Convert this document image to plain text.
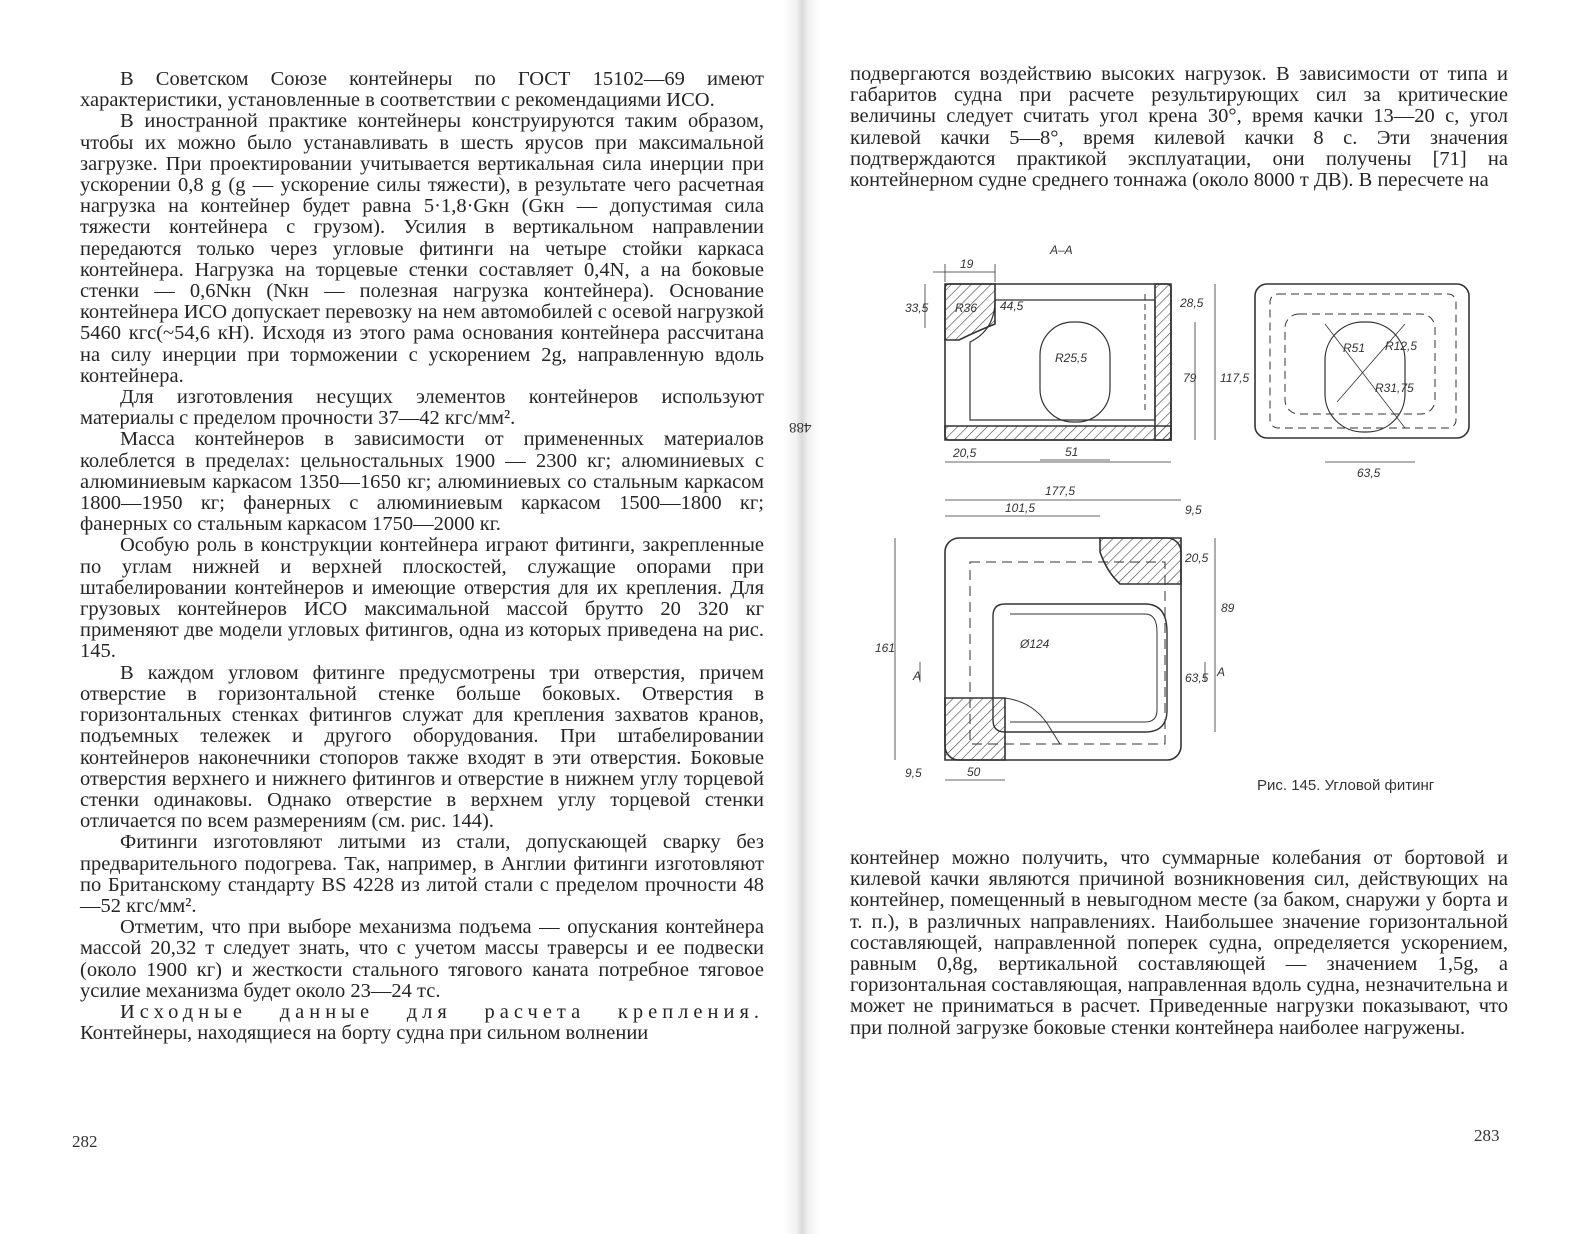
488

В Советском Союзе контейнеры по ГОСТ 15102—69 имеют характеристики, установленные в соответствии с рекомендациями ИСО.

В иностранной практике контейнеры конструируются таким образом, чтобы их можно было устанавливать в шесть ярусов при максимальной загрузке. При проектировании учитывается вертикальная сила инерции при ускорении 0,8 g (g — ускорение силы тяжести), в результате чего расчетная нагрузка на контейнер будет равна 5·1,8·Gкн (Gкн — допустимая сила тяжести контейнера с грузом). Усилия в вертикальном направлении передаются только через угловые фитинги на четыре стойки каркаса контейнера. Нагрузка на торцевые стенки составляет 0,4N, а на боковые стенки — 0,6Nкн (Nкн — полезная нагрузка контейнера). Основание контейнера ИСО допускает перевозку на нем автомобилей с осевой нагрузкой 5460 кгс(~54,6 кН). Исходя из этого рама основания контейнера рассчитана на силу инерции при торможении с ускорением 2g, направленную вдоль контейнера.

Для изготовления несущих элементов контейнеров используют материалы с пределом прочности 37—42 кгс/мм².

Масса контейнеров в зависимости от примененных материалов колеблется в пределах: цельностальных 1900 — 2300 кг; алюминиевых с алюминиевым каркасом 1350—1650 кг; алюминиевых со стальным каркасом 1800—1950 кг; фанерных с алюминиевым каркасом 1500—1800 кг; фанерных со стальным каркасом 1750—2000 кг.

Особую роль в конструкции контейнера играют фитинги, закрепленные по углам нижней и верхней плоскостей, служащие опорами при штабелировании контейнеров и имеющие отверстия для их крепления. Для грузовых контейнеров ИСО максимальной массой брутто 20 320 кг применяют две модели угловых фитингов, одна из которых приведена на рис. 145.

В каждом угловом фитинге предусмотрены три отверстия, причем отверстие в горизонтальной стенке больше боковых. Отверстия в горизонтальных стенках фитингов служат для крепления захватов кранов, подъемных тележек и другого оборудования. При штабелировании контейнеров наконечники стопоров также входят в эти отверстия. Боковые отверстия верхнего и нижнего фитингов и отверстие в нижнем углу торцевой стенки одинаковы. Однако отверстие в верхнем углу торцевой стенки отличается по всем размерениям (см. рис. 144).

Фитинги изготовляют литыми из стали, допускающей сварку без предварительного подогрева. Так, например, в Англии фитинги изготовляют по Британскому стандарту BS 4228 из литой стали с пределом прочности 48—52 кгс/мм².

Отметим, что при выборе механизма подъема — опускания контейнера массой 20,32 т следует знать, что с учетом массы траверсы и ее подвески (около 1900 кг) и жесткости стального тягового каната потребное тяговое усилие механизма будет около 23—24 тс.

Исходные данные для расчета крепления. Контейнеры, находящиеся на борту судна при сильном волнении

282

подвергаются воздействию высоких нагрузок. В зависимости от типа и габаритов судна при расчете результирующих сил за критические величины следует считать угол крена 30°, время качки 13—20 с, угол килевой качки 5—8°, время килевой качки 8 с. Эти значения подтверждаются практикой эксплуатации, они получены [71] на контейнерном судне среднего тоннажа (около 8000 т ДВ). В пересчете на

А–А
19
33,5 R36 44,5	28,5
R25,5
79 117,5
20,5	51
R51 R12,5
R31,75
63,5
177,5
101,5	9,5
20,5
89
161	Ø124
63,5
A	A
9,5	50
Рис. 145. Угловой фитинг

контейнер можно получить, что суммарные колебания от бортовой и килевой качки являются причиной возникновения сил, действующих на контейнер, помещенный в невыгодном месте (за баком, снаружи у борта и т. п.), в различных направлениях. Наибольшее значение горизонтальной составляющей, направленной поперек судна, определяется ускорением, равным 0,8g, вертикальной составляющей — значением 1,5g, а горизонтальная составляющая, направленная вдоль судна, незначительна и может не приниматься в расчет. Приведенные нагрузки показывают, что при полной загрузке боковые стенки контейнера наиболее нагружены.

283
